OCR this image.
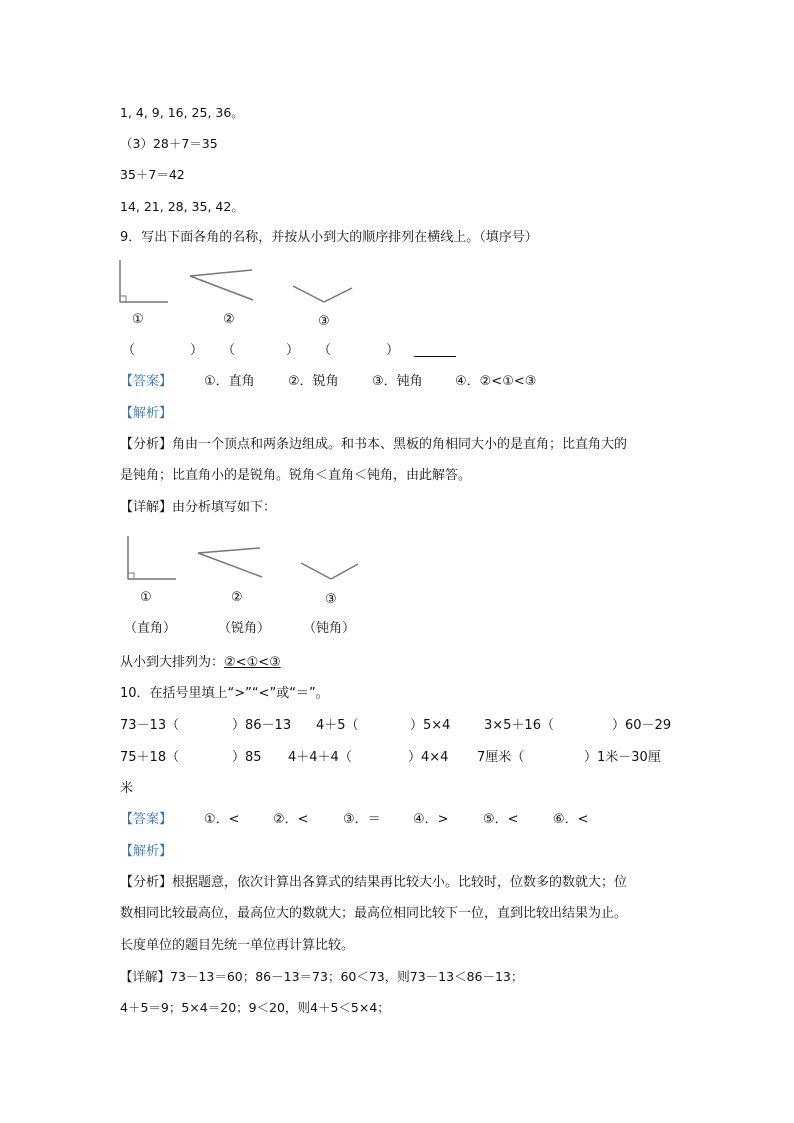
1, 4, 9, 16, 25, 36。
（3）28＋7＝35
35＋7＝42
14, 21, 28, 35, 42。
9．写出下面各角的名称，并按从小到大的顺序排列在横线上。（填序号）
①	②	③
（	） （	） （	）
【答案】 ①．直角	②．锐角	③．钝角 ④．②<①<③
【解析】
【分析】角由一个顶点和两条边组成。和书本、黑板的角相同大小的是直角；比直角大的
是钝角；比直角小的是锐角。锐角＜直角＜钝角，由此解答。
【详解】由分析填写如下：
①	②	③
（直角）	（锐角）	（钝角）
从小到大排列为：②<①<③
10．在括号里填上“>”“<”或“＝”。
73－13（	）86－13 4＋5（	）5×4	3×5＋16（	）60－29
75＋18（	）85 4＋4＋4（	）4×4 7厘米（	）1米－30厘
米
【答案】 ①．<	②．<	③．＝ ④．>	⑤．<	⑥．<
【解析】
【分析】根据题意，依次计算出各算式的结果再比较大小。比较时，位数多的数就大；位
数相同比较最高位，最高位大的数就大；最高位相同比较下一位，直到比较出结果为止。
长度单位的题目先统一单位再计算比较。
【详解】73－13＝60；86－13＝73；60＜73，则73－13＜86－13；
4＋5＝9；5×4＝20；9＜20，则4＋5＜5×4；
